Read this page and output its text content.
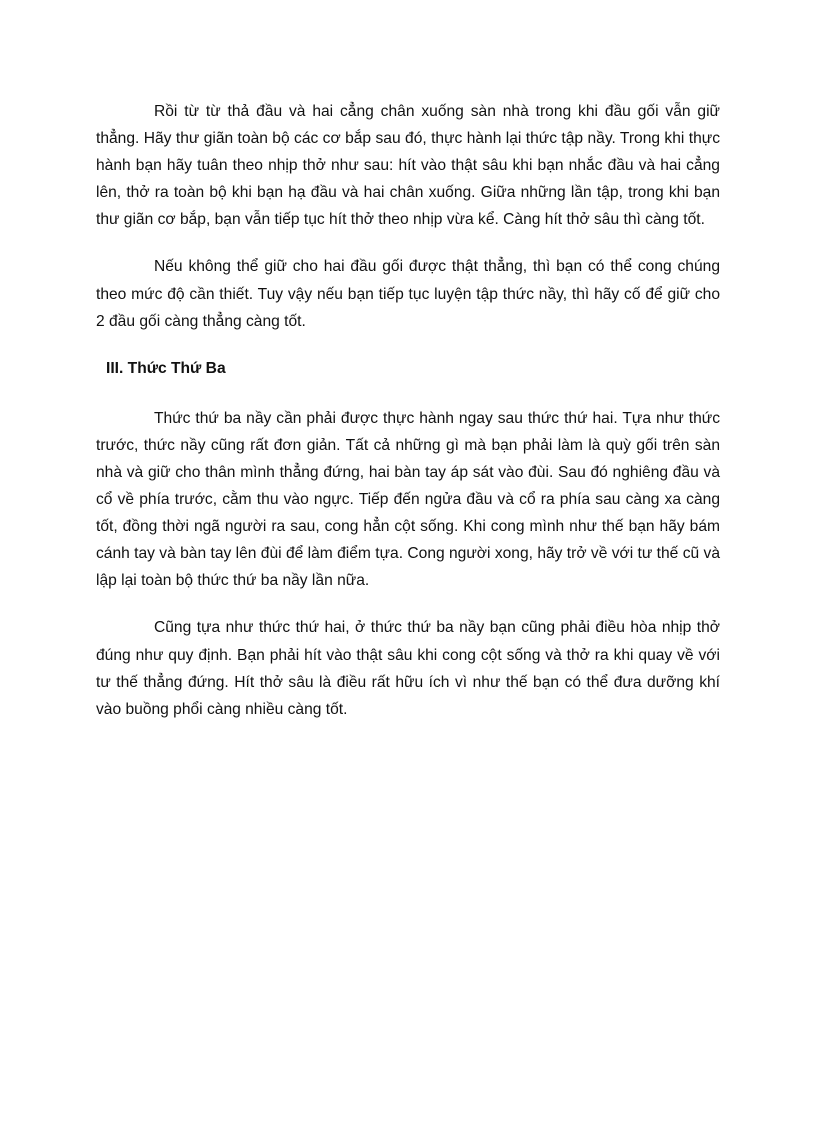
Rồi từ từ thả đầu và hai cẳng chân xuống sàn nhà trong khi đầu gối vẫn giữ thẳng. Hãy thư giãn toàn bộ các cơ bắp sau đó, thực hành lại thức tập nầy. Trong khi thực hành bạn hãy tuân theo nhịp thở như sau: hít vào thật sâu khi bạn nhắc đầu và hai cẳng lên, thở ra toàn bộ khi bạn hạ đầu và hai chân xuống. Giữa những lần tập, trong khi bạn thư giãn cơ bắp, bạn vẫn tiếp tục hít thở theo nhịp vừa kể. Càng hít thở sâu thì càng tốt.

Nếu không thể giữ cho hai đầu gối được thật thẳng, thì bạn có thể cong chúng theo mức độ cần thiết. Tuy vậy nếu bạn tiếp tục luyện tập thức nầy, thì hãy cố để giữ cho 2 đầu gối càng thẳng càng tốt.

III. Thức Thứ Ba

Thức thứ ba nầy cần phải được thực hành ngay sau thức thứ hai. Tựa như thức trước, thức nầy cũng rất đơn giản. Tất cả những gì mà bạn phải làm là quỳ gối trên sàn nhà và giữ cho thân mình thẳng đứng, hai bàn tay áp sát vào đùi. Sau đó nghiêng đầu và cổ về phía trước, cằm thu vào ngực. Tiếp đến ngửa đầu và cổ ra phía sau càng xa càng tốt, đồng thời ngã người ra sau, cong hẳn cột sống. Khi cong mình như thế bạn hãy bám cánh tay và bàn tay lên đùi để làm điểm tựa. Cong người xong, hãy trở về với tư thế cũ và lập lại toàn bộ thức thứ ba nầy lần nữa.

Cũng tựa như thức thứ hai, ở thức thứ ba nầy bạn cũng phải điều hòa nhịp thở đúng như quy định. Bạn phải hít vào thật sâu khi cong cột sống và thở ra khi quay về với tư thế thẳng đứng. Hít thở sâu là điều rất hữu ích vì như thế bạn có thể đưa dưỡng khí vào buồng phổi càng nhiều càng tốt.
